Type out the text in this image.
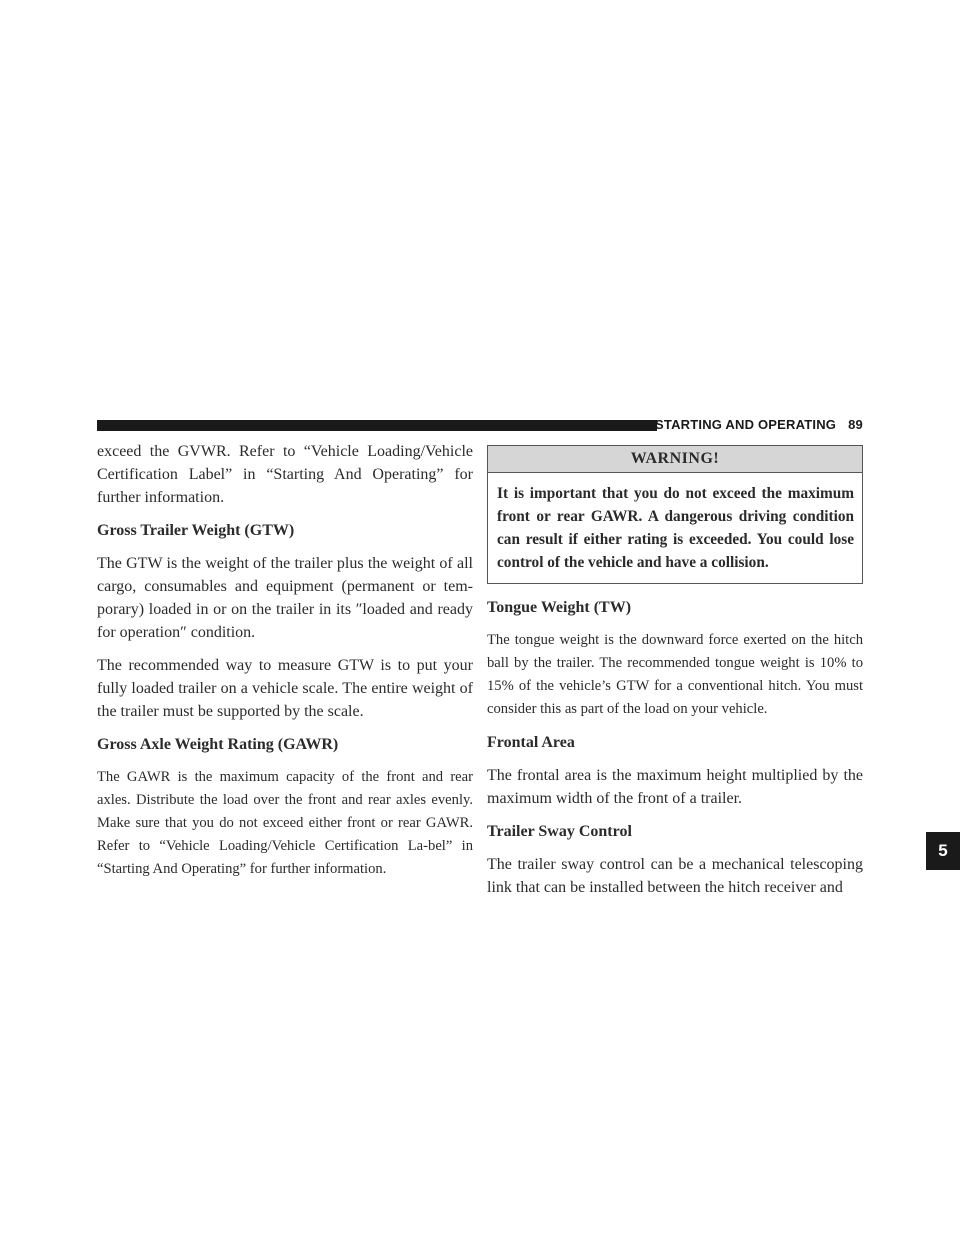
STARTING AND OPERATING 89
5

exceed the GVWR. Refer to “Vehicle Loading/Vehicle Certification Label” in “Starting And Operating” for further information.

Gross Trailer Weight (GTW)

The GTW is the weight of the trailer plus the weight of all cargo, consumables and equipment (permanent or tem-porary) loaded in or on the trailer in its ″loaded and ready for operation″ condition.

The recommended way to measure GTW is to put your fully loaded trailer on a vehicle scale. The entire weight of the trailer must be supported by the scale.

Gross Axle Weight Rating (GAWR)

The GAWR is the maximum capacity of the front and rear axles. Distribute the load over the front and rear axles evenly. Make sure that you do not exceed either front or rear GAWR. Refer to “Vehicle Loading/Vehicle Certification La-bel” in “Starting And Operating” for further information.

WARNING!
It is important that you do not exceed the maximum front or rear GAWR. A dangerous driving condition can result if either rating is exceeded. You could lose control of the vehicle and have a collision.
Tongue Weight (TW)

The tongue weight is the downward force exerted on the hitch ball by the trailer. The recommended tongue weight is 10% to 15% of the vehicle’s GTW for a conventional hitch. You must consider this as part of the load on your vehicle.

Frontal Area

The frontal area is the maximum height multiplied by the maximum width of the front of a trailer.

Trailer Sway Control

The trailer sway control can be a mechanical telescoping link that can be installed between the hitch receiver and
